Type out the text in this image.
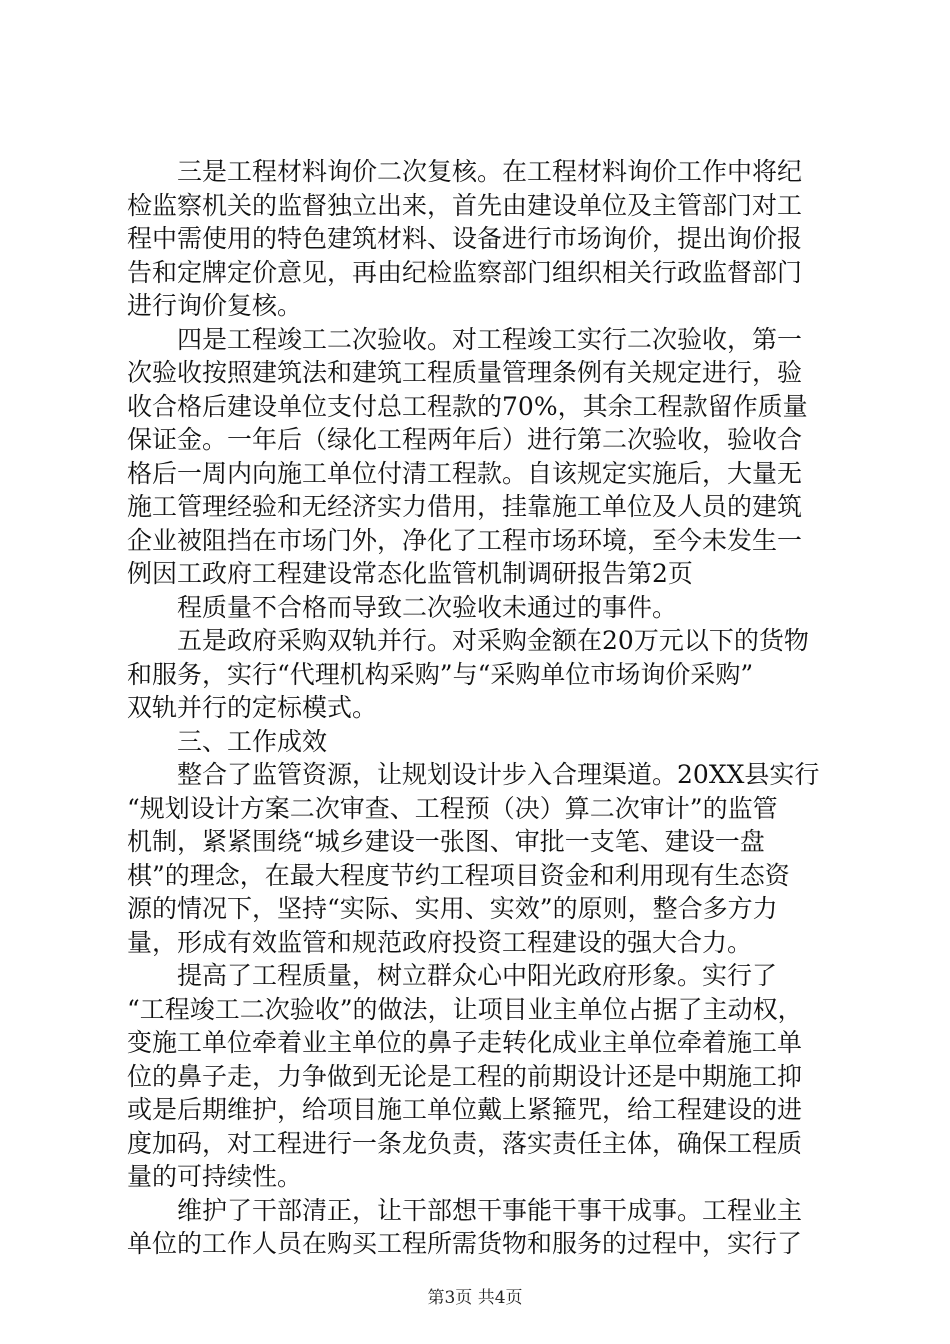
　　三是工程材料询价二次复核。在工程材料询价工作中将纪
检监察机关的监督独立出来，首先由建设单位及主管部门对工
程中需使用的特色建筑材料、设备进行市场询价，提出询价报
告和定牌定价意见，再由纪检监察部门组织相关行政监督部门
进行询价复核。
　　四是工程竣工二次验收。对工程竣工实行二次验收，第一
次验收按照建筑法和建筑工程质量管理条例有关规定进行，验
收合格后建设单位支付总工程款的70%，其余工程款留作质量
保证金。一年后（绿化工程两年后）进行第二次验收，验收合
格后一周内向施工单位付清工程款。自该规定实施后，大量无
施工管理经验和无经济实力借用，挂靠施工单位及人员的建筑
企业被阻挡在市场门外，净化了工程市场环境，至今未发生一
例因工政府工程建设常态化监管机制调研报告第2页
　　程质量不合格而导致二次验收未通过的事件。
　　五是政府采购双轨并行。对采购金额在20万元以下的货物
和服务，实行“代理机构采购”与“采购单位市场询价采购”
双轨并行的定标模式。
　　三、工作成效
　　整合了监管资源，让规划设计步入合理渠道。20XX县实行
“规划设计方案二次审查、工程预（决）算二次审计”的监管
机制，紧紧围绕“城乡建设一张图、审批一支笔、建设一盘
棋”的理念，在最大程度节约工程项目资金和利用现有生态资
源的情况下，坚持“实际、实用、实效”的原则，整合多方力
量，形成有效监管和规范政府投资工程建设的强大合力。
　　提高了工程质量，树立群众心中阳光政府形象。实行了
“工程竣工二次验收”的做法，让项目业主单位占据了主动权，
变施工单位牵着业主单位的鼻子走转化成业主单位牵着施工单
位的鼻子走，力争做到无论是工程的前期设计还是中期施工抑
或是后期维护，给项目施工单位戴上紧箍咒，给工程建设的进
度加码，对工程进行一条龙负责，落实责任主体，确保工程质
量的可持续性。
　　维护了干部清正，让干部想干事能干事干成事。工程业主
单位的工作人员在购买工程所需货物和服务的过程中，实行了
第3页 共4页
